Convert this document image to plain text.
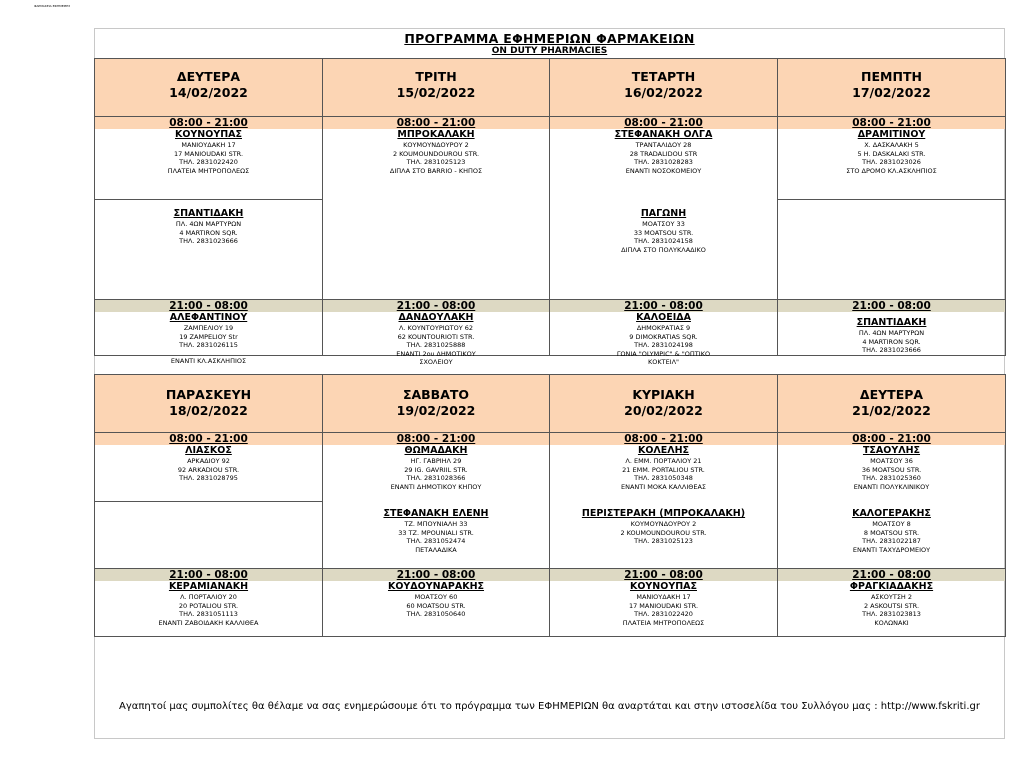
ΦΑΡΜΑΚΕΙΑ ΕΦΗΜΕΡΙΕΣ
ΠΡΟΓΡΑΜΜΑ ΕΦΗΜΕΡΙΩΝ ΦΑΡΜΑΚΕΙΩΝ
ON DUTY PHARMACIES
ΔΕΥΤΕΡΑ
14/02/2022
08:00 - 21:00
ΚΟΥΝΟΥΠΑΣ
ΜΑΝΙΟΥΔΑΚΗ 17
17 MANIOUDAKI STR.
ΤΗΛ. 2831022420
ΠΛΑΤΕΙΑ ΜΗΤΡΟΠΟΛΕΩΣ
ΣΠΑΝΤΙΔΑΚΗ
ΠΛ. 4ΩΝ ΜΑΡΤΥΡΩΝ
4 MARTIRON SQR.
ΤΗΛ. 2831023666
21:00 - 08:00
ΑΛΕΦΑΝΤΙΝΟΥ
ΖΑΜΠΕΛΙΟΥ 19
19 ZAMPELIOY Str
ΤΗΛ. 2831026115
ΕΝΑΝΤΙ ΚΛ.ΑΣΚΛΗΠΙΟΣ
ΤΡΙΤΗ
15/02/2022
08:00 - 21:00
ΜΠΡΟΚΑΛΑΚΗ
ΚΟΥΜΟΥΝΔΟΥΡΟΥ 2
2 KOUMOUNDOUROU STR.
ΤΗΛ. 2831025123
ΔΙΠΛΑ ΣΤΟ BARRIO - ΚΗΠΟΣ
21:00 - 08:00
ΔΑΝΔΟΥΛΑΚΗ
Λ. ΚΟΥΝΤΟΥΡΙΩΤΟΥ 62
62 KOUNTOURIOTI STR.
ΤΗΛ. 2831025888
ΕΝΑΝΤΙ 2ου ΔΗΜΟΤΙΚΟΥ
ΣΧΟΛΕΙΟΥ
ΤΕΤΑΡΤΗ
16/02/2022
08:00 - 21:00
ΣΤΕΦΑΝΑΚΗ ΟΛΓΑ
ΤΡΑΝΤΑΛΙΔΟΥ 28
28 TRADALIDOU STR
ΤΗΛ. 2831028283
ΕΝΑΝΤΙ ΝΟΣΟΚΟΜΕΙΟΥ
ΠΑΓΩΝΗ
ΜΟΑΤΣΟΥ 33
33 MOATSOU STR.
ΤΗΛ. 2831024158
ΔΙΠΛΑ ΣΤΟ ΠΟΛΥΚΛΑΔΙΚΟ
21:00 - 08:00
ΚΑΛΟΕΙΔΑ
ΔΗΜΟΚΡΑΤΙΑΣ 9
9 DIMOKRATIAS SQR.
ΤΗΛ. 2831024198
ΓΩΝΙΑ "OLYMPIC" & "ΟΠΤΙΚΟ
ΚΟΚΤΕΙΛ"
ΠΕΜΠΤΗ
17/02/2022
08:00 - 21:00
ΔΡΑΜΙΤΙΝΟΥ
Χ. ΔΑΣΚΑΛΑΚΗ 5
5 H. DASKALAKI STR.
ΤΗΛ. 2831023026
ΣΤΟ ΔΡΟΜΟ ΚΛ.ΑΣΚΛΗΠΙΟΣ
21:00 - 08:00
ΣΠΑΝΤΙΔΑΚΗ
ΠΛ. 4ΩΝ ΜΑΡΤΥΡΩΝ
4 MARTIRON SQR.
ΤΗΛ. 2831023666
ΠΑΡΑΣΚΕΥΗ
18/02/2022
08:00 - 21:00
ΛΙΑΣΚΟΣ
ΑΡΚΑΔΙΟΥ 92
92 ARKADIOU STR.
ΤΗΛ. 2831028795
21:00 - 08:00
ΚΕΡΑΜΙΑΝΑΚΗ
Λ. ΠΟΡΤΑΛΙΟΥ 20
20 POTALIOU STR.
ΤΗΛ. 2831051113
ΕΝΑΝΤΙ ΖΑΒΟΙΔΑΚΗ ΚΑΛΛΙΘΕΑ
ΣΑΒΒΑΤΟ
19/02/2022
08:00 - 21:00
ΘΩΜΑΔΑΚΗ
ΗΓ. ΓΑΒΡΙΗΛ 29
29 IG. GAVRIIL STR.
ΤΗΛ. 2831028366
ΕΝΑΝΤΙ ΔΗΜΟΤΙΚΟΥ ΚΗΠΟΥ
ΣΤΕΦΑΝΑΚΗ ΕΛΕΝΗ
ΤΖ. ΜΠΟΥΝΙΑΛΗ 33
33 TZ. MPOUNIALI STR.
ΤΗΛ. 2831052474
ΠΕΤΑΛΑΔΙΚΑ
21:00 - 08:00
ΚΟΥΔΟΥΝΑΡΑΚΗΣ
ΜΟΑΤΣΟΥ 60
60 MOATSOU STR.
ΤΗΛ. 2831050640
ΚΥΡΙΑΚΗ
20/02/2022
08:00 - 21:00
ΚΟΛΕΛΗΣ
Λ. ΕΜΜ. ΠΟΡΤΑΛΙΟΥ 21
21 EMM. PORTALIOU STR.
ΤΗΛ. 2831050348
ΕΝΑΝΤΙ ΜΟΚΑ ΚΑΛΛΙΘΕΑΣ
ΠΕΡΙΣΤΕΡΑΚΗ (ΜΠΡΟΚΑΛΑΚΗ)
ΚΟΥΜΟΥΝΔΟΥΡΟΥ 2
2 KOUMOUNDOUROU STR.
ΤΗΛ. 2831025123
21:00 - 08:00
ΚΟΥΝΟΥΠΑΣ
ΜΑΝΙΟΥΔΑΚΗ 17
17 MANIOUDAKI STR.
ΤΗΛ. 2831022420
ΠΛΑΤΕΙΑ ΜΗΤΡΟΠΟΛΕΩΣ
ΔΕΥΤΕΡΑ
21/02/2022
08:00 - 21:00
ΤΣΑΟΥΛΗΣ
ΜΟΑΤΣΟΥ 36
36 MOATSOU STR.
ΤΗΛ. 2831025360
ΕΝΑΝΤΙ ΠΟΛΥΚΛΙΝΙΚΟΥ
ΚΑΛΟΓΕΡΑΚΗΣ
ΜΟΑΤΣΟΥ 8
8 MOATSOU STR.
ΤΗΛ. 2831022187
ΕΝΑΝΤΙ ΤΑΧΥΔΡΟΜΕΙΟΥ
21:00 - 08:00
ΦΡΑΓΚΙΑΔΑΚΗΣ
ΑΣΚΟΥΤΣΗ 2
2 ASKOUTSI STR.
ΤΗΛ. 2831023813
ΚΟΛΩΝΑΚΙ
Αγαπητοί μας συμπολίτες θα θέλαμε να σας ενημερώσουμε ότι το πρόγραμμα των ΕΦΗΜΕΡΙΩΝ θα αναρτάται και στην ιστοσελίδα του Συλλόγου μας : http://www.fskriti.gr
